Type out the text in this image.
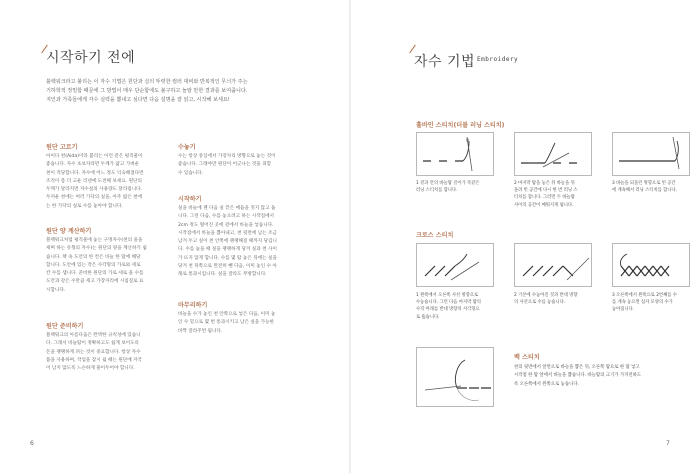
시작하기 전에

블랙워크라고 불리는 이 자수 기법은 원단과 실의 뚜렷한 컬러 대비와 반복적인 무늬가 주는

기하학적 정밀함 때문에 그 방법이 매우 단순함에도 불구하고 놀랄 만한 결과를 보여줍니다.

지인과 가족들에게 자수 실력을 뽐내고 싶다면 다음 설명을 잘 읽고, 시작해 보세요!

원단 고르기

아이다 천(Aida)이라 불리는 이런 같은 평직물이

좋습니다. 자수 초보자라면 두께가 얇고 가벼운

천이 적당합니다. 자수에 어느 정도 익숙해졌다면

조직이 좀 더 고운 리넨에 도전해 보세요. 원단의

두께가 달라지면 자수실의 사용량도 달라집니다.

두꺼운 천에는 여러 가닥의 실을, 아주 얇은 천에

는 한 가닥의 실로 수를 놓아야 합니다.

원단 양 계산하기

블랙워크처럼 평직물에 놓는 구멍자수(천의 올을

세며 하는 유형의 자수)는 원단의 양을 계산하기 쉽

습니다. 책 속 도안의 한 칸은 바늘 한 땀에 해당

합니다. 도안에 있는 작은 사각형의 가로와 세로

칸 수를 셉니다. 준비한 원단의 가로 세로 올 수를

도안과 같은 수만큼 세고 가장자리에 시침질로 표

시합니다.

원단 준비하기

블랙워크의 아름다움은 완벽한 규칙성에 있습니

다. 그래서 바늘땀이 정확하고도 쉽게 보이도록

돈을 팽팽하게 펴는 것이 중요합니다. 항상 자수

틀을 사용하며, 작업을 잠시 쉴 때는 원단에 자국

이 남지 않도록 느슨하게 풀어두어야 합니다.

수놓기

수는 항상 중심에서 가장자리 방향으로 놓는 것이

좋습니다. 그래야만 원단이 어긋나는 것을 피할

수 있습니다.

시작하기

실을 바늘에 꿴 다음 실 끝은 매듭을 짓지 않고 둡

니다. 그런 다음, 수를 놓으려고 하는 시작점에서

2cm 정도 떨어진 곳에 겉에서 바늘을 넣습니다.

시작점에서 바늘을 뽑아내고, 천 뒷면에 남는 조금

남겨 두고 실이 천 안쪽에 팽팽해질 때까지 당깁니

다. 수를 놓을 때 실을 팽팽하게 당겨 실과 천 사이

가 뜨지 않게 합니다. 수를 몇 땀 놓은 뒤에는 실을

당겨 천 뒤쪽으로 완전히 뺀 다음, 이미 놓인 수 아

래로 통과시킵니다. 실을 잘라도 무방합니다.

마무리하기

바늘을 수가 놓인 천 안쪽으로 넣은 다음, 이미 놓

인 수 밑으로 몇 번 통과시키고 남은 실을 가능한

바짝 잘라주면 됩니다.

6
자수 기법 $^{Embroidery}$
홀바인 스티치(더블 러닝 스티치)

1 겉과 안의 바늘땀 길이가 똑같은

러닝 스티치를 합니다.

2 마지막 땀을 놓은 뒤 바늘을 뒤

돌려 빈 공간에 다시 한 번 러닝 스

티치를 합니다. 그러면 두 바늘땀

사이의 공간이 메워지게 됩니다.

3 바늘을 되돌린 방향으로 빈 공간

에 계속해서 러닝 스티치를 합니다.

크로스 스티치

1 왼쪽에서 오른쪽 사선 방향으로

수놓습니다. 그런 다음 마지막 땀의

수직 아래를 반대 방향의 사각형으

로 뚫습니다.

2 기본에 수놓아진 것과 반대 방향

의 사선으로 수를 놓습니다.

3 오른쪽에서 왼쪽으로 2번째를 수

를 계속 놓으면 십자 모양의 수가

놓아집니다.

백 스티치

천의 뒷면에서 앞면으로 바늘을 뽑은 뒤, 오른쪽 땀으로 한 땀 넣고

시작점 한 땀 앞에서 바늘을 뽑습니다. 바늘땀의 크기가 가지런하도

록 오른쪽에서 왼쪽으로 놓습니다.

7
